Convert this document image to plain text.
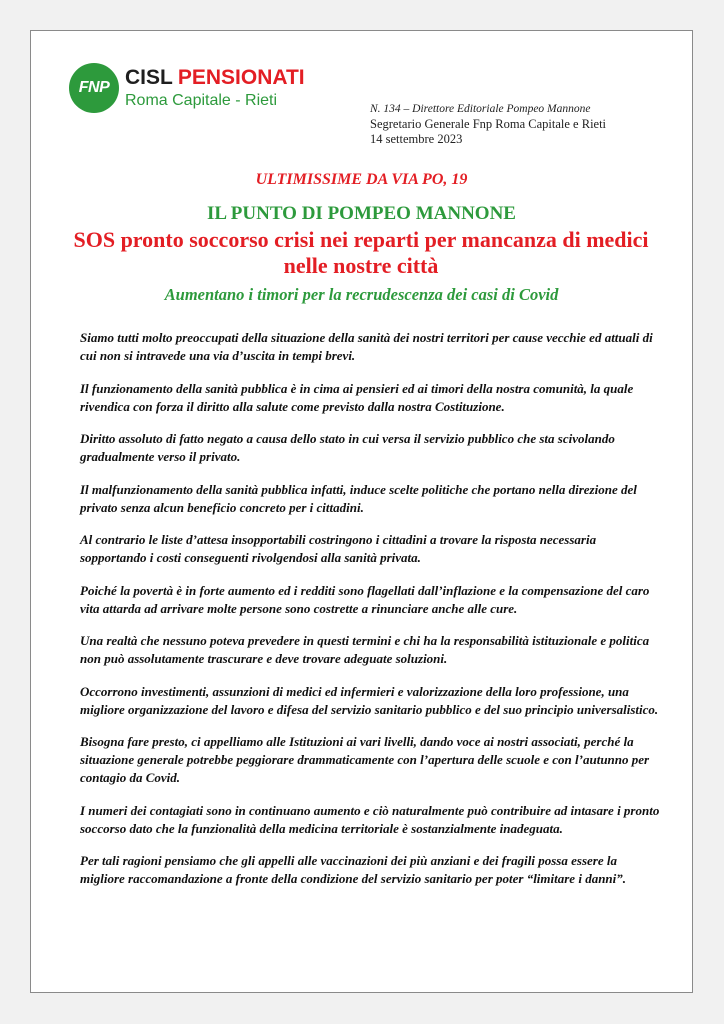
FNP CISL PENSIONATI
Roma Capitale - Rieti
N. 134 – Direttore Editoriale Pompeo Mannone
Segretario Generale Fnp Roma Capitale e Rieti
14 settembre 2023
ULTIMISSIME DA VIA PO, 19
IL PUNTO DI POMPEO MANNONE
SOS pronto soccorso crisi nei reparti per mancanza di medici nelle nostre città
Aumentano i timori per la recrudescenza dei casi di Covid

Siamo tutti molto preoccupati della situazione della sanità dei nostri territori per cause vecchie ed attuali di cui non si intravede una via d’uscita in tempi brevi.

Il funzionamento della sanità pubblica è in cima ai pensieri ed ai timori della nostra comunità, la quale rivendica con forza il diritto alla salute come previsto dalla nostra Costituzione.

Diritto assoluto di fatto negato a causa dello stato in cui versa il servizio pubblico che sta scivolando gradualmente verso il privato.

Il malfunzionamento della sanità pubblica infatti, induce scelte politiche che portano nella direzione del privato senza alcun beneficio concreto per i cittadini.

Al contrario le liste d’attesa insopportabili costringono i cittadini a trovare la risposta necessaria sopportando i costi conseguenti rivolgendosi alla sanità privata.

Poiché la povertà è in forte aumento ed i redditi sono flagellati dall’inflazione e la compensazione del caro vita attarda ad arrivare molte persone sono costrette a rinunciare anche alle cure.

Una realtà che nessuno poteva prevedere in questi termini e chi ha la responsabilità istituzionale e politica non può assolutamente trascurare e deve trovare adeguate soluzioni.

Occorrono investimenti, assunzioni di medici ed infermieri e valorizzazione della loro professione, una migliore organizzazione del lavoro e difesa del servizio sanitario pubblico e del suo principio universalistico.

Bisogna fare presto, ci appelliamo alle Istituzioni ai vari livelli, dando voce ai nostri associati, perché la situazione generale potrebbe peggiorare drammaticamente con l’apertura delle scuole e con l’autunno per contagio da Covid.

I numeri dei contagiati sono in continuano aumento e ciò naturalmente può contribuire ad intasare i pronto soccorso dato che la funzionalità della medicina territoriale è sostanzialmente inadeguata.

Per tali ragioni pensiamo che gli appelli alle vaccinazioni dei più anziani e dei fragili possa essere la migliore raccomandazione a fronte della condizione del servizio sanitario per poter “limitare i danni”.
